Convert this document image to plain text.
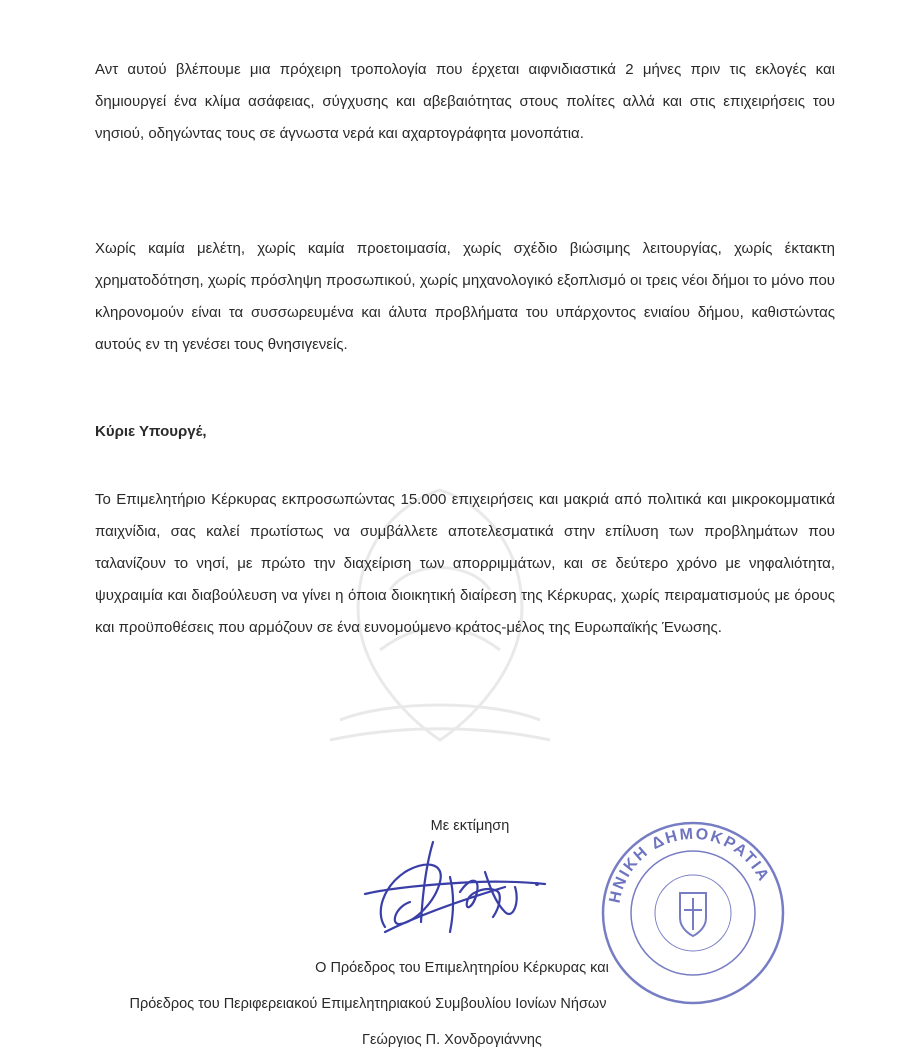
Αντ αυτού βλέπουμε μια πρόχειρη τροπολογία που έρχεται αιφνιδιαστικά 2 μήνες πριν τις εκλογές και δημιουργεί ένα κλίμα ασάφειας, σύγχυσης και αβεβαιότητας στους πολίτες αλλά και στις επιχειρήσεις του νησιού, οδηγώντας τους σε άγνωστα νερά και αχαρτογράφητα μονοπάτια.

Χωρίς καμία μελέτη, χωρίς καμία προετοιμασία, χωρίς σχέδιο βιώσιμης λειτουργίας, χωρίς έκτακτη χρηματοδότηση, χωρίς πρόσληψη προσωπικού, χωρίς μηχανολογικό εξοπλισμό οι τρεις νέοι δήμοι το μόνο που κληρονομούν είναι τα συσσωρευμένα και άλυτα προβλήματα του υπάρχοντος ενιαίου δήμου, καθιστώντας αυτούς εν τη γενέσει τους θνησιγενείς.

Κύριε Υπουργέ,

Το Επιμελητήριο Κέρκυρας εκπροσωπώντας 15.000 επιχειρήσεις και μακριά από πολιτικά και μικροκομματικά παιχνίδια, σας καλεί πρωτίστως να συμβάλλετε αποτελεσματικά στην επίλυση των προβλημάτων που ταλανίζουν το νησί, με πρώτο την διαχείριση των απορριμμάτων, και σε δεύτερο χρόνο με νηφαλιότητα, ψυχραιμία και διαβούλευση να γίνει η όποια διοικητική διαίρεση της Κέρκυρας, χωρίς πειραματισμούς με όρους και προϋποθέσεις που αρμόζουν σε ένα ευνομούμενο κράτος-μέλος της Ευρωπαϊκής Ένωσης.

Με εκτίμηση

ΗΝΙΚΗ ΔΗΜΟΚΡΑΤΙΑ

Ο Πρόεδρος του Επιμελητηρίου Κέρκυρας και

Πρόεδρος του Περιφερειακού Επιμελητηριακού Συμβουλίου Ιονίων Νήσων

Γεώργιος Π. Χονδρογιάννης
